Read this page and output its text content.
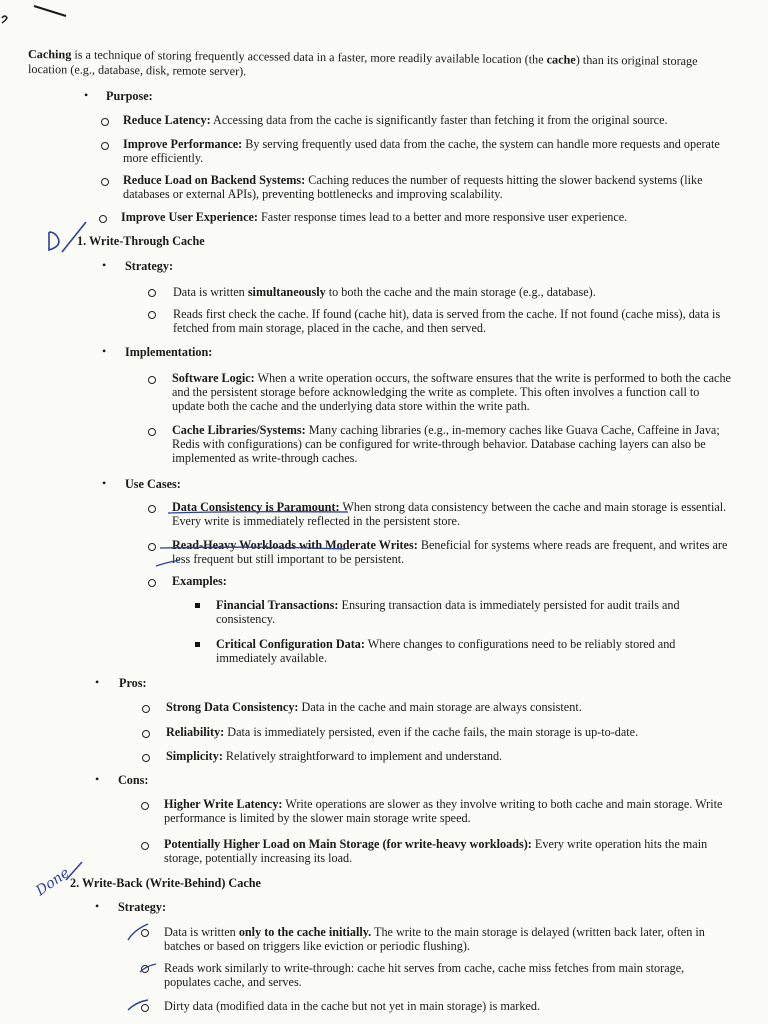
Caching is a technique of storing frequently accessed data in a faster, more readily available location (the cache) than its original storage
location (e.g., database, disk, remote server).
• Purpose:
Reduce Latency: Accessing data from the cache is significantly faster than fetching it from the original source.
Improve Performance: By serving frequently used data from the cache, the system can handle more requests and operate
more efficiently.
Reduce Load on Backend Systems: Caching reduces the number of requests hitting the slower backend systems (like
databases or external APIs), preventing bottlenecks and improving scalability.
Improve User Experience: Faster response times lead to a better and more responsive user experience.
1. Write-Through Cache
• Strategy:
Data is written simultaneously to both the cache and the main storage (e.g., database).
Reads first check the cache. If found (cache hit), data is served from the cache. If not found (cache miss), data is
fetched from main storage, placed in the cache, and then served.
• Implementation:
Software Logic: When a write operation occurs, the software ensures that the write is performed to both the cache
and the persistent storage before acknowledging the write as complete. This often involves a function call to
update both the cache and the underlying data store within the write path.
Cache Libraries/Systems: Many caching libraries (e.g., in-memory caches like Guava Cache, Caffeine in Java;
Redis with configurations) can be configured for write-through behavior. Database caching layers can also be
implemented as write-through caches.
• Use Cases:
Data Consistency is Paramount: When strong data consistency between the cache and main storage is essential.
Every write is immediately reflected in the persistent store.
Read-Heavy Workloads with Moderate Writes: Beneficial for systems where reads are frequent, and writes are
less frequent but still important to be persistent.
Examples:
Financial Transactions: Ensuring transaction data is immediately persisted for audit trails and
consistency.
Critical Configuration Data: Where changes to configurations need to be reliably stored and
immediately available.
• Pros:
Strong Data Consistency: Data in the cache and main storage are always consistent.
Reliability: Data is immediately persisted, even if the cache fails, the main storage is up-to-date.
Simplicity: Relatively straightforward to implement and understand.
• Cons:
Higher Write Latency: Write operations are slower as they involve writing to both cache and main storage. Write
performance is limited by the slower main storage write speed.
Potentially Higher Load on Main Storage (for write-heavy workloads): Every write operation hits the main
storage, potentially increasing its load.
2. Write-Back (Write-Behind) Cache
• Strategy:
Data is written only to the cache initially. The write to the main storage is delayed (written back later, often in
batches or based on triggers like eviction or periodic flushing).
Reads work similarly to write-through: cache hit serves from cache, cache miss fetches from main storage,
populates cache, and serves.
Dirty data (modified data in the cache but not yet in main storage) is marked.
Done
